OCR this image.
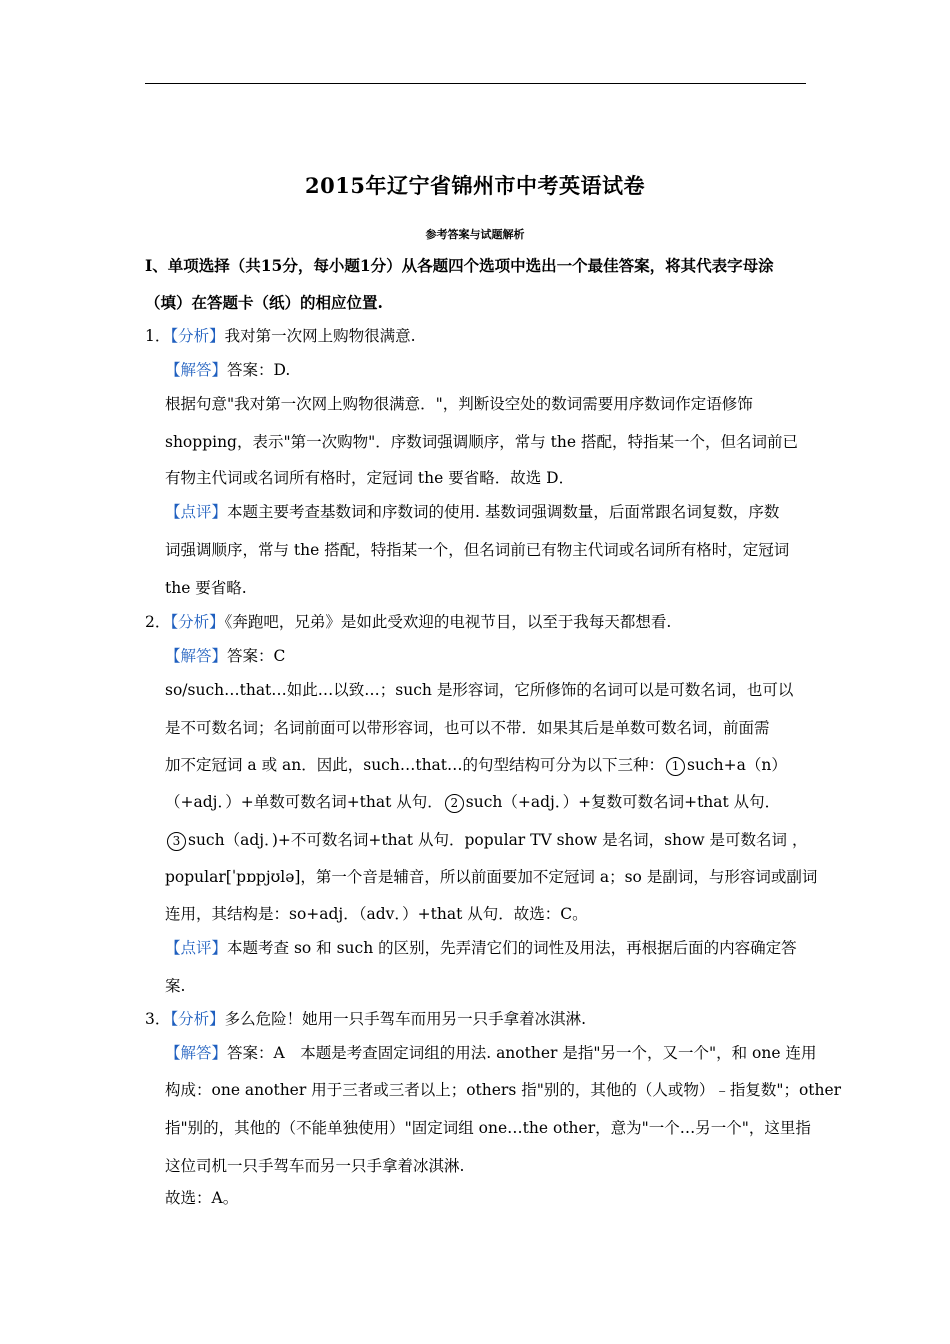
2015年辽宁省锦州市中考英语试卷
参考答案与试题解析
I、单项选择（共15分，每小题1分）从各题四个选项中选出一个最佳答案，将其代表字母涂
（填）在答题卡（纸）的相应位置.
1．【分析】我对第一次网上购物很满意.
【解答】答案：D.
根据句意"我对第一次网上购物很满意．"，判断设空处的数词需要用序数词作定语修饰
shopping，表示"第一次购物"．序数词强调顺序，常与 the 搭配，特指某一个，但名词前已
有物主代词或名词所有格时，定冠词 the 要省略．故选 D．
【点评】本题主要考查基数词和序数词的使用. 基数词强调数量，后面常跟名词复数，序数
词强调顺序，常与 the 搭配，特指某一个，但名词前已有物主代词或名词所有格时，定冠词
the 要省略.
2．【分析】《奔跑吧，兄弟》是如此受欢迎的电视节目，以至于我每天都想看.
【解答】答案：C
so/such…that…如此…以致…；such 是形容词，它所修饰的名词可以是可数名词，也可以
是不可数名词；名词前面可以带形容词，也可以不带．如果其后是单数可数名词，前面需
加不定冠词 a 或 an．因此，such…that…的句型结构可分为以下三种： 1 such+a（n）
（+adj．）+单数可数名词+that 从句． 2 such（+adj．）+复数可数名词+that 从句．
3 such（adj．)+不可数名词+that 从句．popular TV show 是名词，show 是可数名词 ，
popular[ˈpɒpjʊlə]，第一个音是辅音，所以前面要加不定冠词 a；so 是副词，与形容词或副词
连用，其结构是：so+adj．（adv．）+that 从句．故选：C。
【点评】本题考查 so 和 such 的区别，先弄清它们的词性及用法，再根据后面的内容确定答
案.
3．【分析】多么危险！她用一只手驾车而用另一只手拿着冰淇淋.
【解答】答案：A　本题是考查固定词组的用法. another 是指"另一个，又一个"，和 one 连用
构成：one another 用于三者或三者以上；others 指"别的，其他的（人或物）﹣指复数"；other
指"别的，其他的（不能单独使用）"固定词组 one…the other，意为"一个…另一个"，这里指
这位司机一只手驾车而另一只手拿着冰淇淋.
故选：A。
